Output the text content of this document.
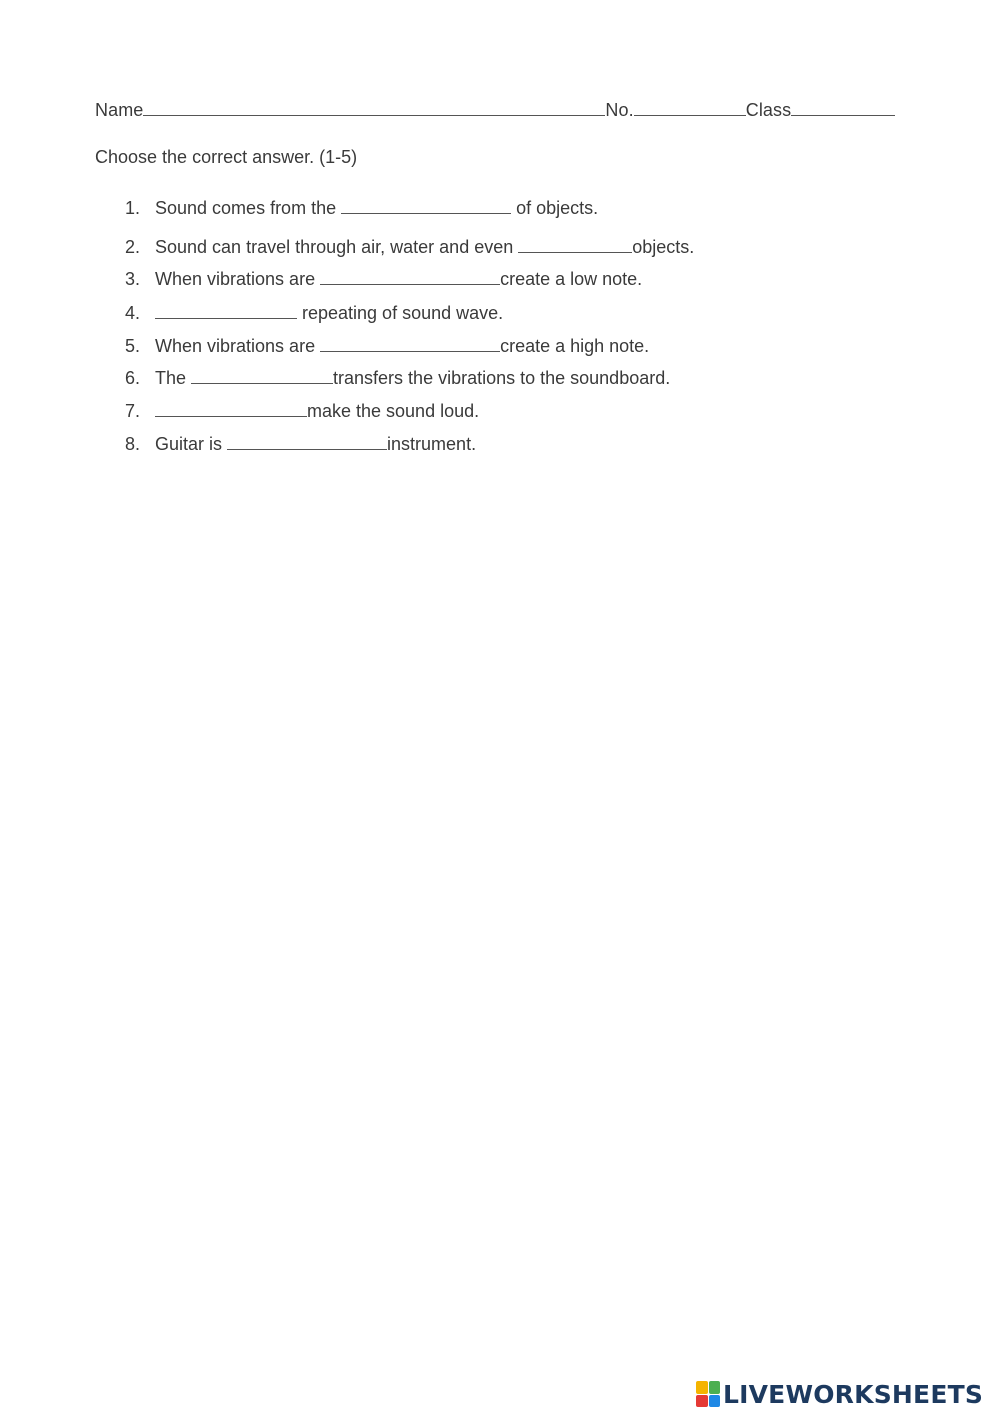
Name	No.	Class
Choose the correct answer. (1-5)
1. Sound comes from the	of objects.
2. Sound can travel through air, water and even	objects.
3. When vibrations are	create a low note.
4.	repeating of sound wave.
5. When vibrations are	create a high note.
6. The	transfers the vibrations to the soundboard.
7.	make the sound loud.
8. Guitar is	instrument.
LIVEWORKSHEETS
